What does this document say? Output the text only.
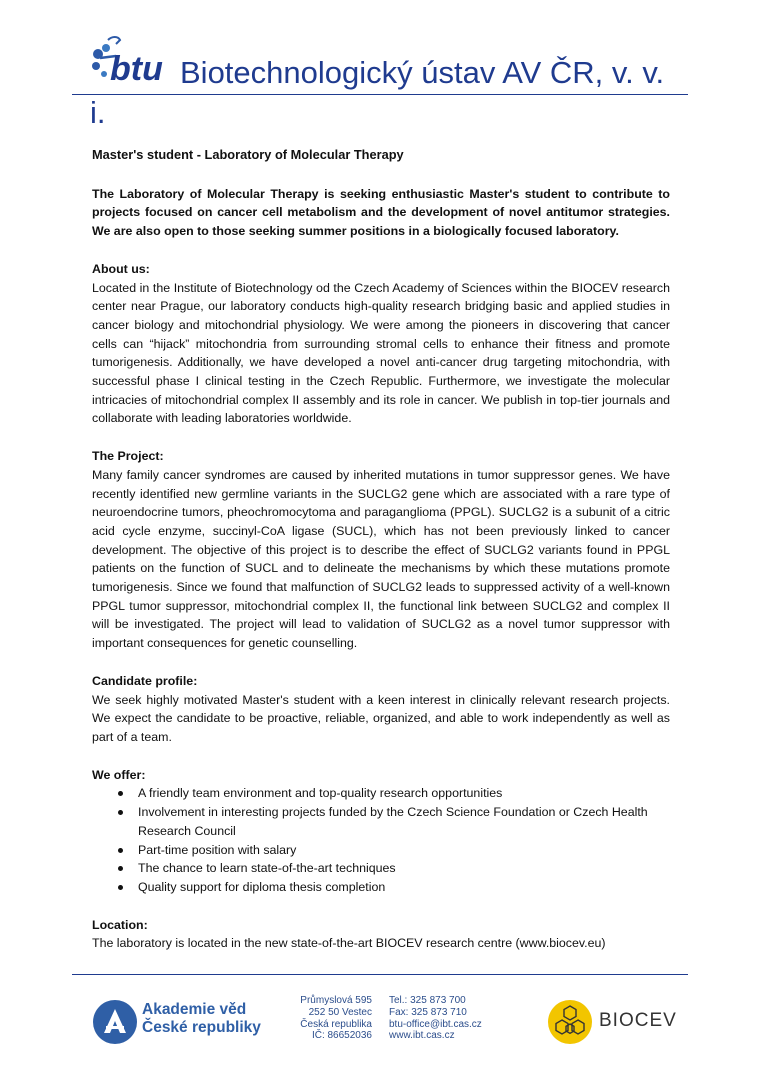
btu Biotechnologický ústav AV ČR, v. v.
i.

Master's student - Laboratory of Molecular Therapy

The Laboratory of Molecular Therapy is seeking enthusiastic Master's student to contribute to projects focused on cancer cell metabolism and the development of novel antitumor strategies. We are also open to those seeking summer positions in a biologically focused laboratory.

About us:

Located in the Institute of Biotechnology od the Czech Academy of Sciences within the BIOCEV research center near Prague, our laboratory conducts high-quality research bridging basic and applied studies in cancer biology and mitochondrial physiology. We were among the pioneers in discovering that cancer cells can “hijack” mitochondria from surrounding stromal cells to enhance their fitness and promote tumorigenesis. Additionally, we have developed a novel anti-cancer drug targeting mitochondria, with successful phase I clinical testing in the Czech Republic. Furthermore, we investigate the molecular intricacies of mitochondrial complex II assembly and its role in cancer. We publish in top-tier journals and collaborate with leading laboratories worldwide.

The Project:

Many family cancer syndromes are caused by inherited mutations in tumor suppressor genes. We have recently identified new germline variants in the SUCLG2 gene which are associated with a rare type of neuroendocrine tumors, pheochromocytoma and paraganglioma (PPGL). SUCLG2 is a subunit of a citric acid cycle enzyme, succinyl-CoA ligase (SUCL), which has not been previously linked to cancer development. The objective of this project is to describe the effect of SUCLG2 variants found in PPGL patients on the function of SUCL and to delineate the mechanisms by which these mutations promote tumorigenesis. Since we found that malfunction of SUCLG2 leads to suppressed activity of a well-known PPGL tumor suppressor, mitochondrial complex II, the functional link between SUCLG2 and complex II will be investigated. The project will lead to validation of SUCLG2 as a novel tumor suppressor with important consequences for genetic counselling.

Candidate profile:

We seek highly motivated Master's student with a keen interest in clinically relevant research projects. We expect the candidate to be proactive, reliable, organized, and able to work independently as well as part of a team.

We offer:

A friendly team environment and top-quality research opportunities
Involvement in interesting projects funded by the Czech Science Foundation or Czech Health Research Council
Part-time position with salary
The chance to learn state-of-the-art techniques
Quality support for diploma thesis completion

Location:

The laboratory is located in the new state-of-the-art BIOCEV research centre (www.biocev.eu)

Akademie věd
České republiky
Průmyslová 595
252 50 Vestec
Česká republika
IČ: 86652036
Tel.: 325 873 700
Fax: 325 873 710
btu-office@ibt.cas.cz
www.ibt.cas.cz
BIOCEV
